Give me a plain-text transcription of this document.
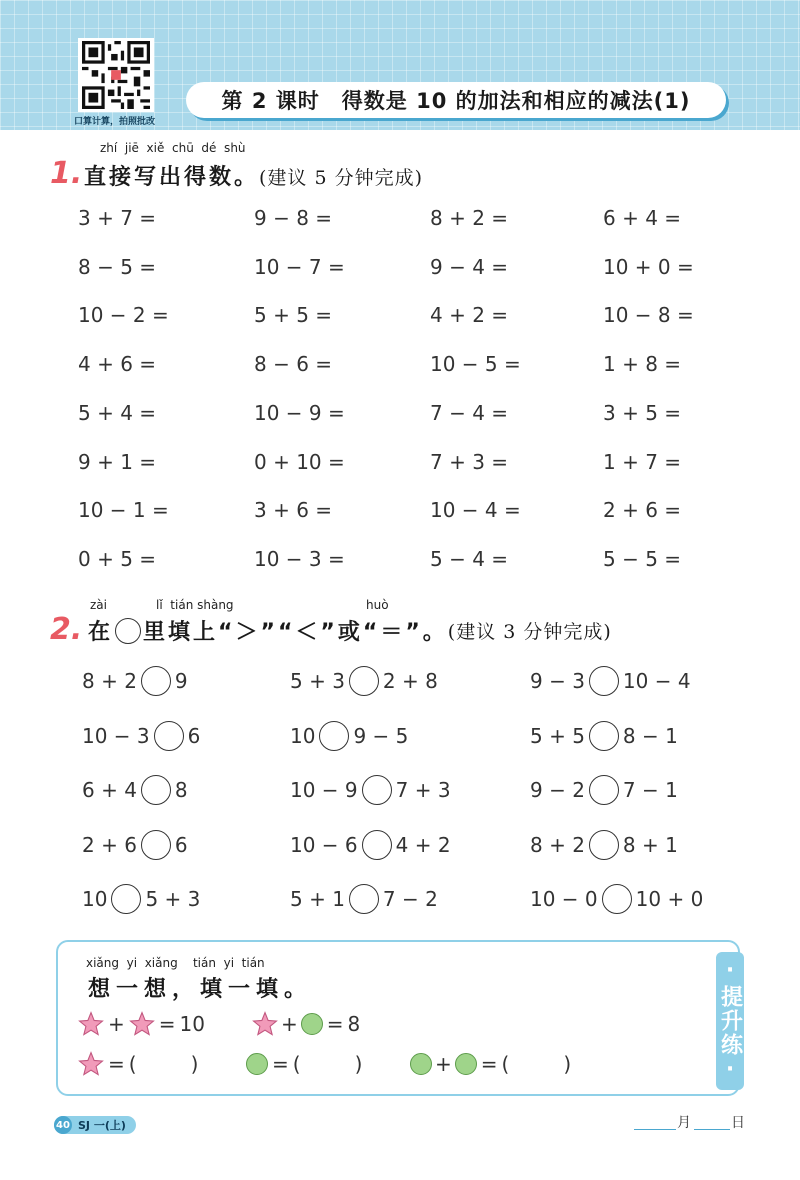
口算计算，拍照批改
第 2 课时 得数是 10 的加法和相应的减法(1)
zhí  jiē  xiě  chū  dé  shù
1. 直接写出得数。(建议 5 分钟完成)
3 + 7 =	9 − 8 =	8 + 2 =	6 + 4 =
8 − 5 =	10 − 7 =	9 − 4 =	10 + 0 =
10 − 2 =	5 + 5 =	4 + 2 =	10 − 8 =
4 + 6 =	8 − 6 =	10 − 5 =	1 + 8 =
5 + 4 =	10 − 9 =	7 − 4 =	3 + 5 =
9 + 1 =	0 + 10 =	7 + 3 =	1 + 7 =
10 − 1 =	3 + 6 =	10 − 4 =	2 + 6 =
0 + 5 =	10 − 3 =	5 − 4 =	5 − 5 =
zài	lǐ  tián shàng	huò
2. 在 里填上 “＞”“＜”或“＝”。 (建议 3 分钟完成)
8 + 2 9	5 + 3 2 + 8	9 − 3 10 − 4
10 − 3 6	10 9 − 5	5 + 5 8 − 1
6 + 4 8	10 − 9 7 + 3	9 − 2 7 − 1
2 + 6 6	10 − 6 4 + 2	8 + 2 8 + 1
10 5 + 3	5 + 1 7 − 2	10 − 0 10 + 0
·提升练·
xiǎng  yi  xiǎng    tián  yi  tián
想一想，填一填。
+ = 10	+ = 8
= (	)	= (	)	+ = (	)
40 SJ 一(上)	月	日
